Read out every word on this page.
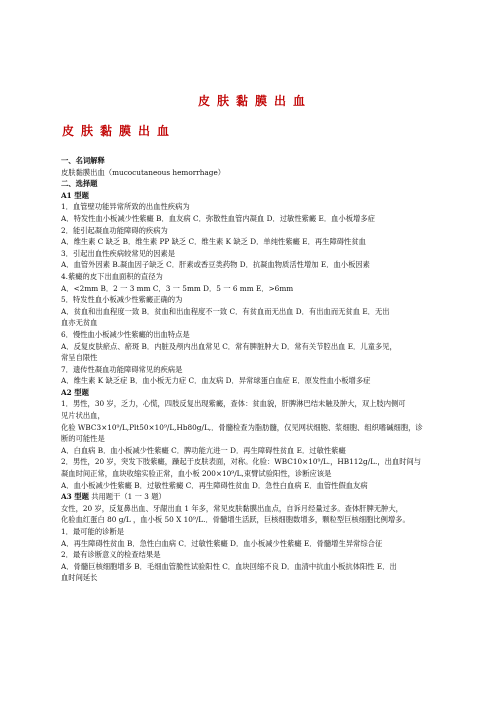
皮肤黏膜出血
皮肤黏膜出血
一、名词解释
皮肤黏膜出血（mucocutaneous hemorrhage）
二、选择题
A1 型题
1．血管壁功能异常所致的出血性疾病为
A．特发性血小板减少性紫癜 B．血友病 C．弥散性血管内凝血 D．过敏性紫癜 E．血小板增多症
2．能引起凝血功能障碍的疾病为
A．维生素 C 缺乏 B．维生素 PP 缺乏 C．维生素 K 缺乏 D．单纯性紫癜 E．再生障碍性贫血
3．引起出血性疾病较常见的因素是
A．血管外因素 B.凝血因子缺乏 C．肝素或香豆类药物 D．抗凝血物质活性增加 E．血小板因素
4.紫癜的皮下出血面积的直径为
A．<2mm B．2 一 3 mm C．3 一 5mm D．5 一 6 mm E．>6mm
5．特发性血小板减少性紫癜正确的为
A．贫血和出血程度一致 B．贫血和出血程度不一致 C．有贫血而无出血 D．有出血而无贫血 E．无出
血亦无贫血
6．慢性血小板减少性紫癜的出血特点是
A．反复皮肤瘀点、瘀斑 B．内脏及颅内出血常见 C．常有脾脏肿大 D．常有关节腔出血 E．儿童多见，
常呈自限性
7．遗传性凝血功能障碍常见的疾病是
A．维生素 K 缺乏症 B．血小板无力症 C．血友病 D．异常球蛋白血症 E．原发性血小板增多症
A2 型题
1．男性，30 岁，乏力，心慌，四肢反复出现紫癜，查体：贫血貌，肝脾淋巴结未触及肿大，双上肢内侧可
见片状出血，
化验 WBC3×10⁹/L,Plt50×10⁹/L,Hb80g/L,．骨髓检查为脂肪髓，仅见网状细胞、浆细胞、组织嗜碱细胞，诊
断的可能性是
A．白血病 B．血小板减少性紫癜 C．脾功能亢进一 D．再生障碍性贫血 E．过敏性紫癜
2．男性，20 岁，突发下肢紫癜，躁起于皮肤表面，对称。化验：WBC10×10⁹/L.，HB112g/L.，出血时间与
凝血时间正常，血块收缩实验正常，血小板 200×10⁹/L,束臂试验阳性，诊断应该是
A．血小板减少性紫癜 B．过敏性紫癜 C．再生障碍性贫血 D．急性白血病 E．血管性假血友病
A3 型题 共用题干（1 一 3 题）
女性，20 岁，反复鼻出血、牙龈出血 1 年多，常见皮肤黏膜出血点，自诉月经量过多。查体肝脾无肿大，
化验血红蛋白 80 g/L ，血小板 50 X 10⁹/L.．骨髓增生活跃，巨核细胞数增多，颗粒型巨核细胞比例增多。
1．最可能的诊断是
A．再生障碍性贫血 B．急性白血病 C．过敏性紫癜 D．血小板减少性紫癜 E．骨髓增生异常综合征
2．最有诊断意义的检查结果是
A．骨髓巨核细胞增多 B．毛细血管脆性试验阳性 C．血块回缩不良 D．血清中抗血小板抗体阳性 E．出
血时间延长
